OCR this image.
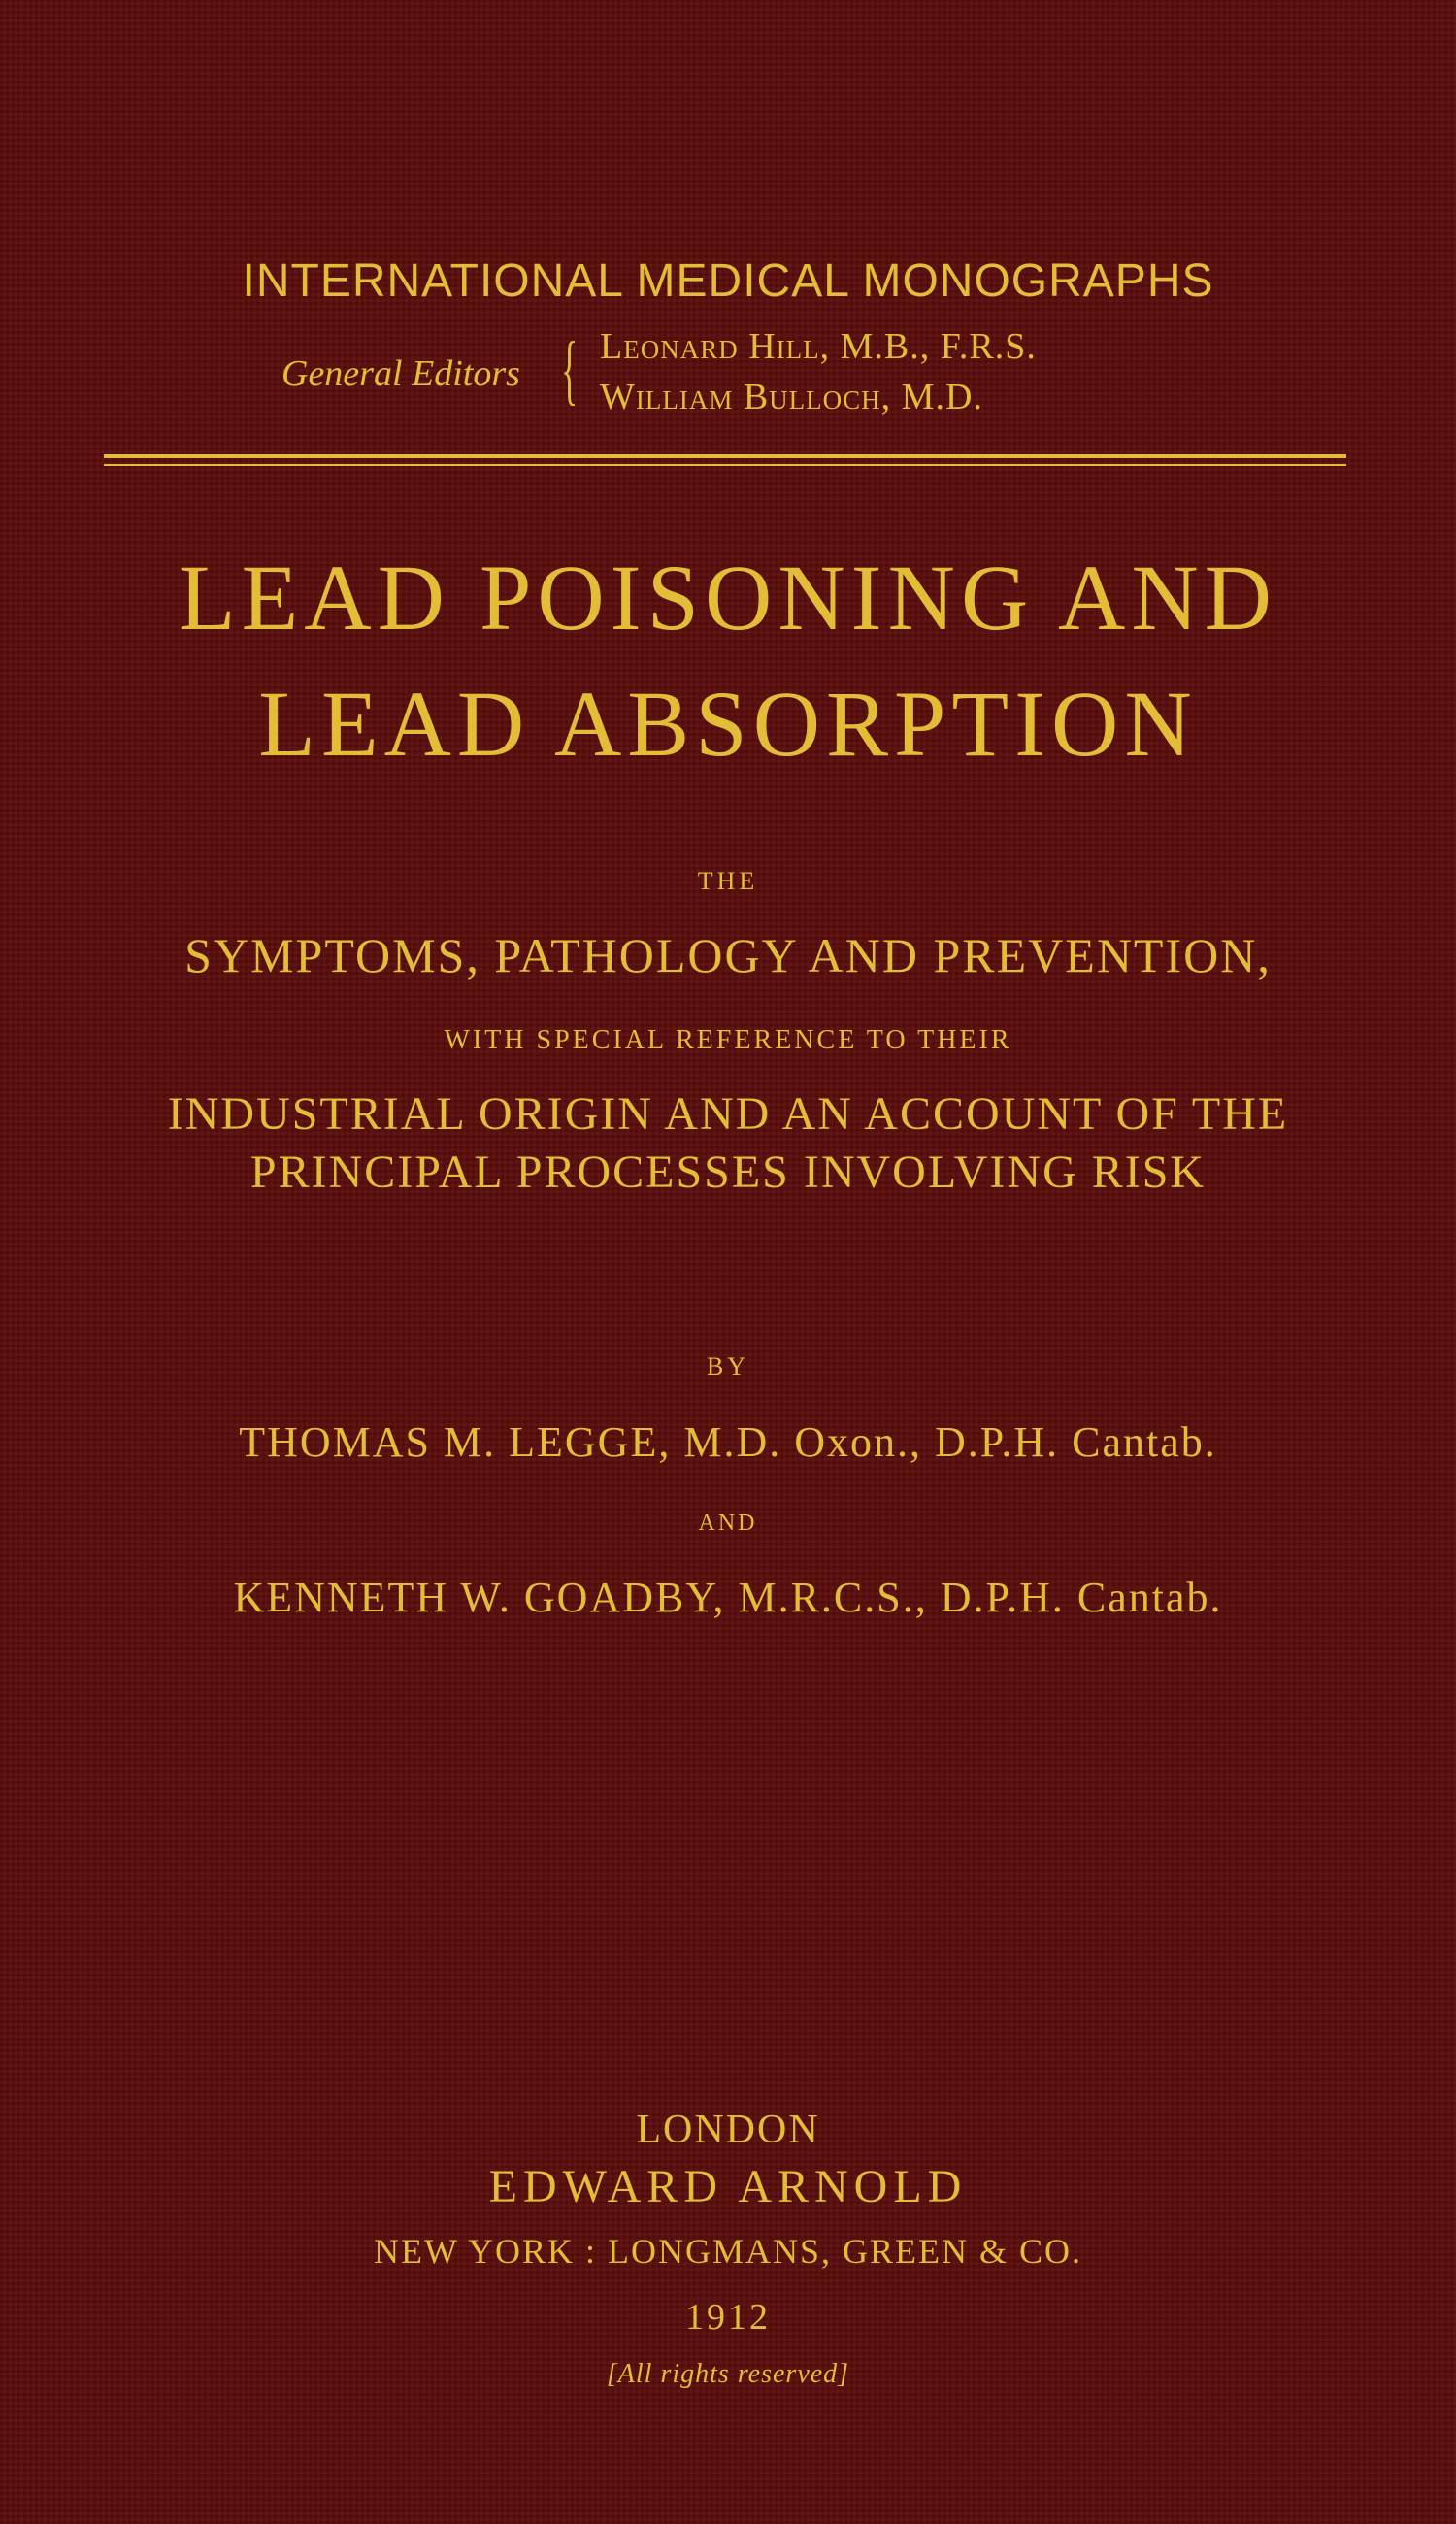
INTERNATIONAL MEDICAL MONOGRAPHS
General Editors { Leonard Hill, M.B., F.R.S.
William Bulloch, M.D.
LEAD POISONING AND
LEAD ABSORPTION
THE
SYMPTOMS, PATHOLOGY AND PREVENTION,
WITH SPECIAL REFERENCE TO THEIR
INDUSTRIAL ORIGIN AND AN ACCOUNT OF THE
PRINCIPAL PROCESSES INVOLVING RISK
BY
THOMAS M. LEGGE, M.D. Oxon., D.P.H. Cantab.
AND
KENNETH W. GOADBY, M.R.C.S., D.P.H. Cantab.
LONDON
EDWARD ARNOLD
NEW YORK : LONGMANS, GREEN & CO.
1912
[All rights reserved]
